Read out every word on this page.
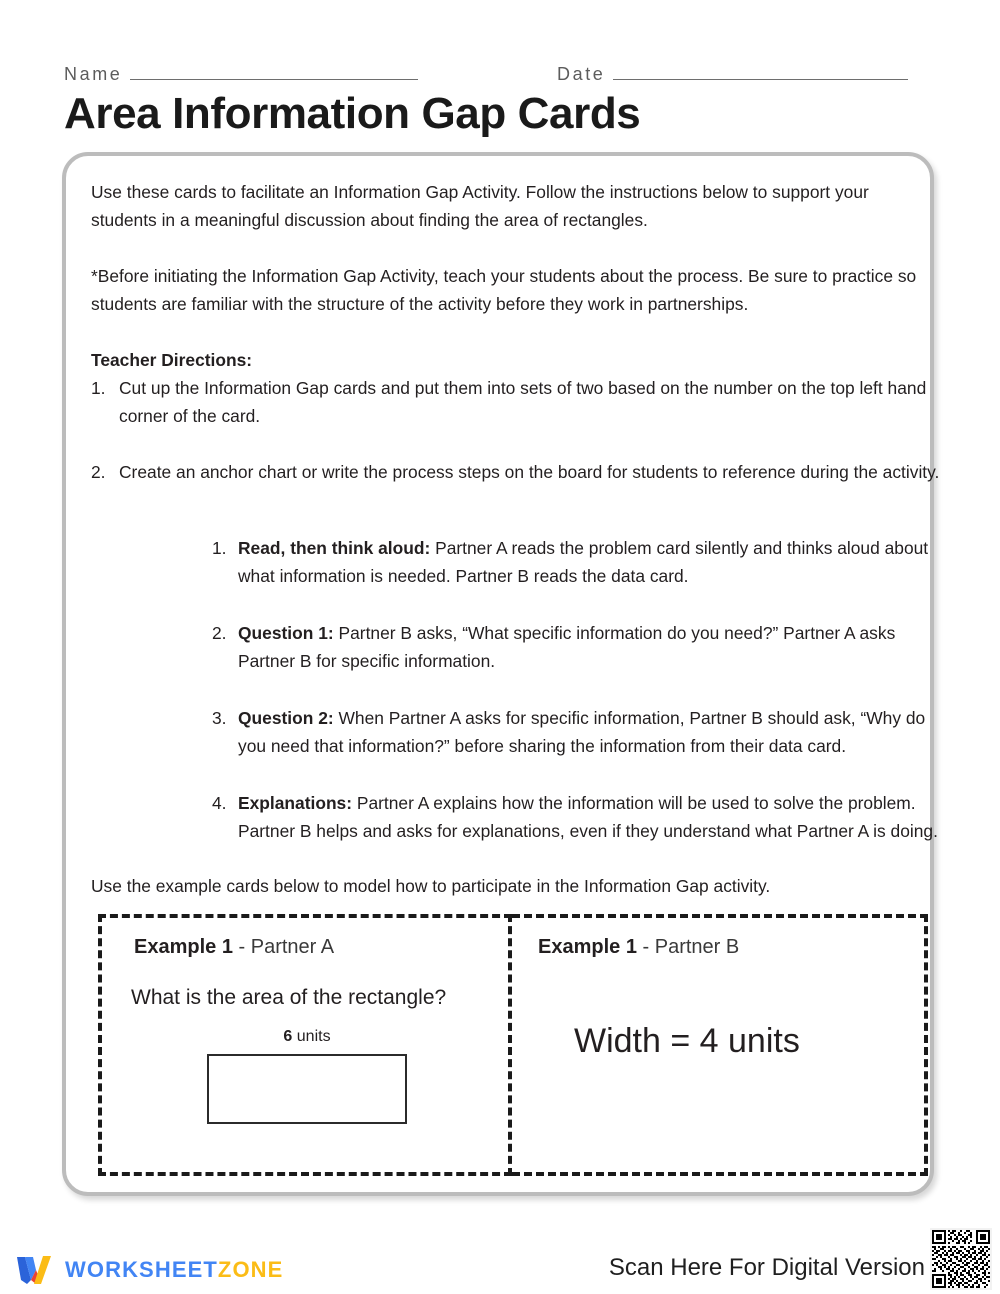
Name	Date
Area Information Gap Cards

Use these cards to facilitate an Information Gap Activity. Follow the instructions below to support your students in a meaningful discussion about finding the area of rectangles.

*Before initiating the Information Gap Activity, teach your students about the process. Be sure to practice so students are familiar with the structure of the activity before they work in partnerships.

Teacher Directions:
1. Cut up the Information Gap cards and put them into sets of two based on the number on the top left hand corner of the card.
2. Create an anchor chart or write the process steps on the board for students to reference during the activity.
1. Read, then think aloud: Partner A reads the problem card silently and thinks aloud about what information is needed. Partner B reads the data card.
2. Question 1: Partner B asks, “What specific information do you need?” Partner A asks Partner B for specific information.
3. Question 2: When Partner A asks for specific information, Partner B should ask, “Why do you need that information?” before sharing the information from their data card.
4. Explanations: Partner A explains how the information will be used to solve the problem. Partner B helps and asks for explanations, even if they understand what Partner A is doing.

Use the example cards below to model how to participate in the Information Gap activity.

Example 1 - Partner A
What is the area of the rectangle?
6 units
Example 1 - Partner B
Width = 4 units
WORKSHEETZONE	Scan Here For Digital Version
